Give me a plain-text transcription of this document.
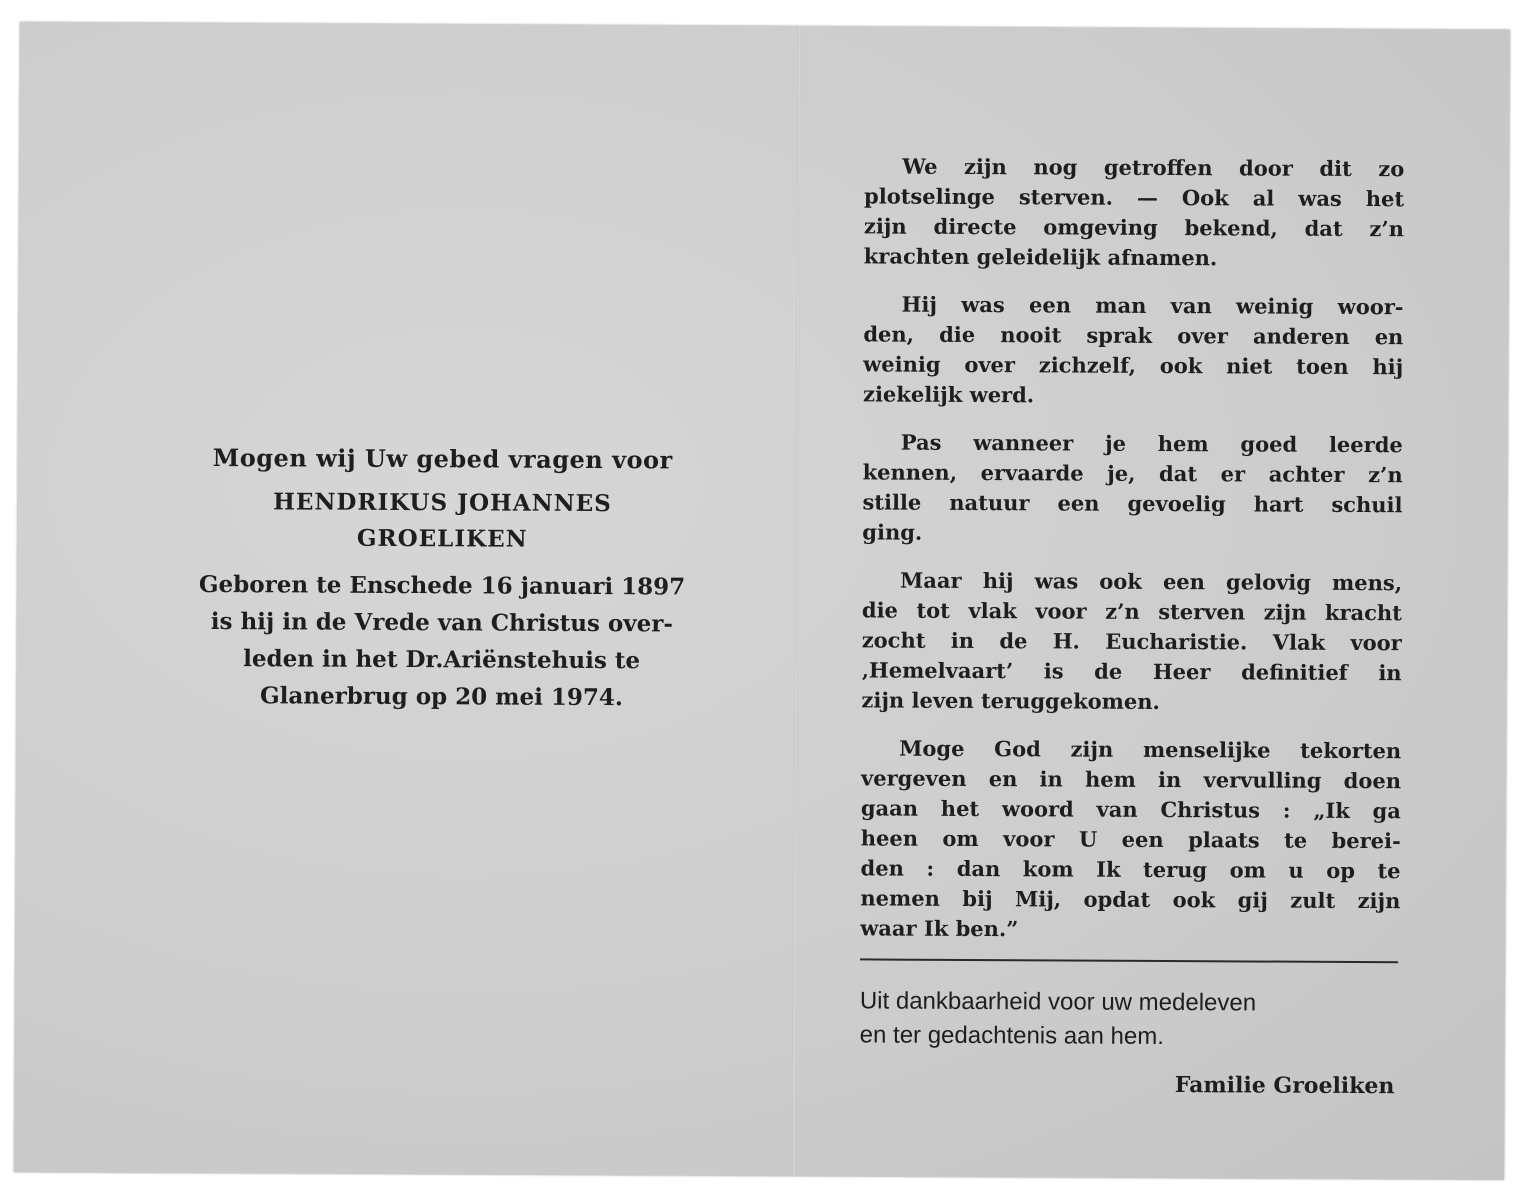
Mogen wij Uw gebed vragen voor

HENDRIKUS JOHANNES
GROELIKEN

Geboren te Enschede 16 januari 1897
is hij in de Vrede van Christus over-
leden in het Dr.Ariënstehuis te
Glanerbrug op 20 mei 1974.
We zijn nog getroffen door dit zo
plotselinge sterven. — Ook al was het
zijn directe omgeving bekend, dat z’n
krachten geleidelijk afnamen.
Hij was een man van weinig woor-
den, die nooit sprak over anderen en
weinig over zichzelf, ook niet toen hij
ziekelijk werd.
Pas wanneer je hem goed leerde
kennen, ervaarde je, dat er achter z’n
stille natuur een gevoelig hart schuil
ging.
Maar hij was ook een gelovig mens,
die tot vlak voor z’n sterven zijn kracht
zocht in de H. Eucharistie. Vlak voor
‚Hemelvaart’ is de Heer definitief in
zijn leven teruggekomen.
Moge God zijn menselijke tekorten
vergeven en in hem in vervulling doen
gaan het woord van Christus : „Ik ga
heen om voor U een plaats te berei-
den : dan kom Ik terug om u op te
nemen bij Mij, opdat ook gij zult zijn
waar Ik ben.”
Uit dankbaarheid voor uw medeleven
en ter gedachtenis aan hem.
Familie Groeliken
